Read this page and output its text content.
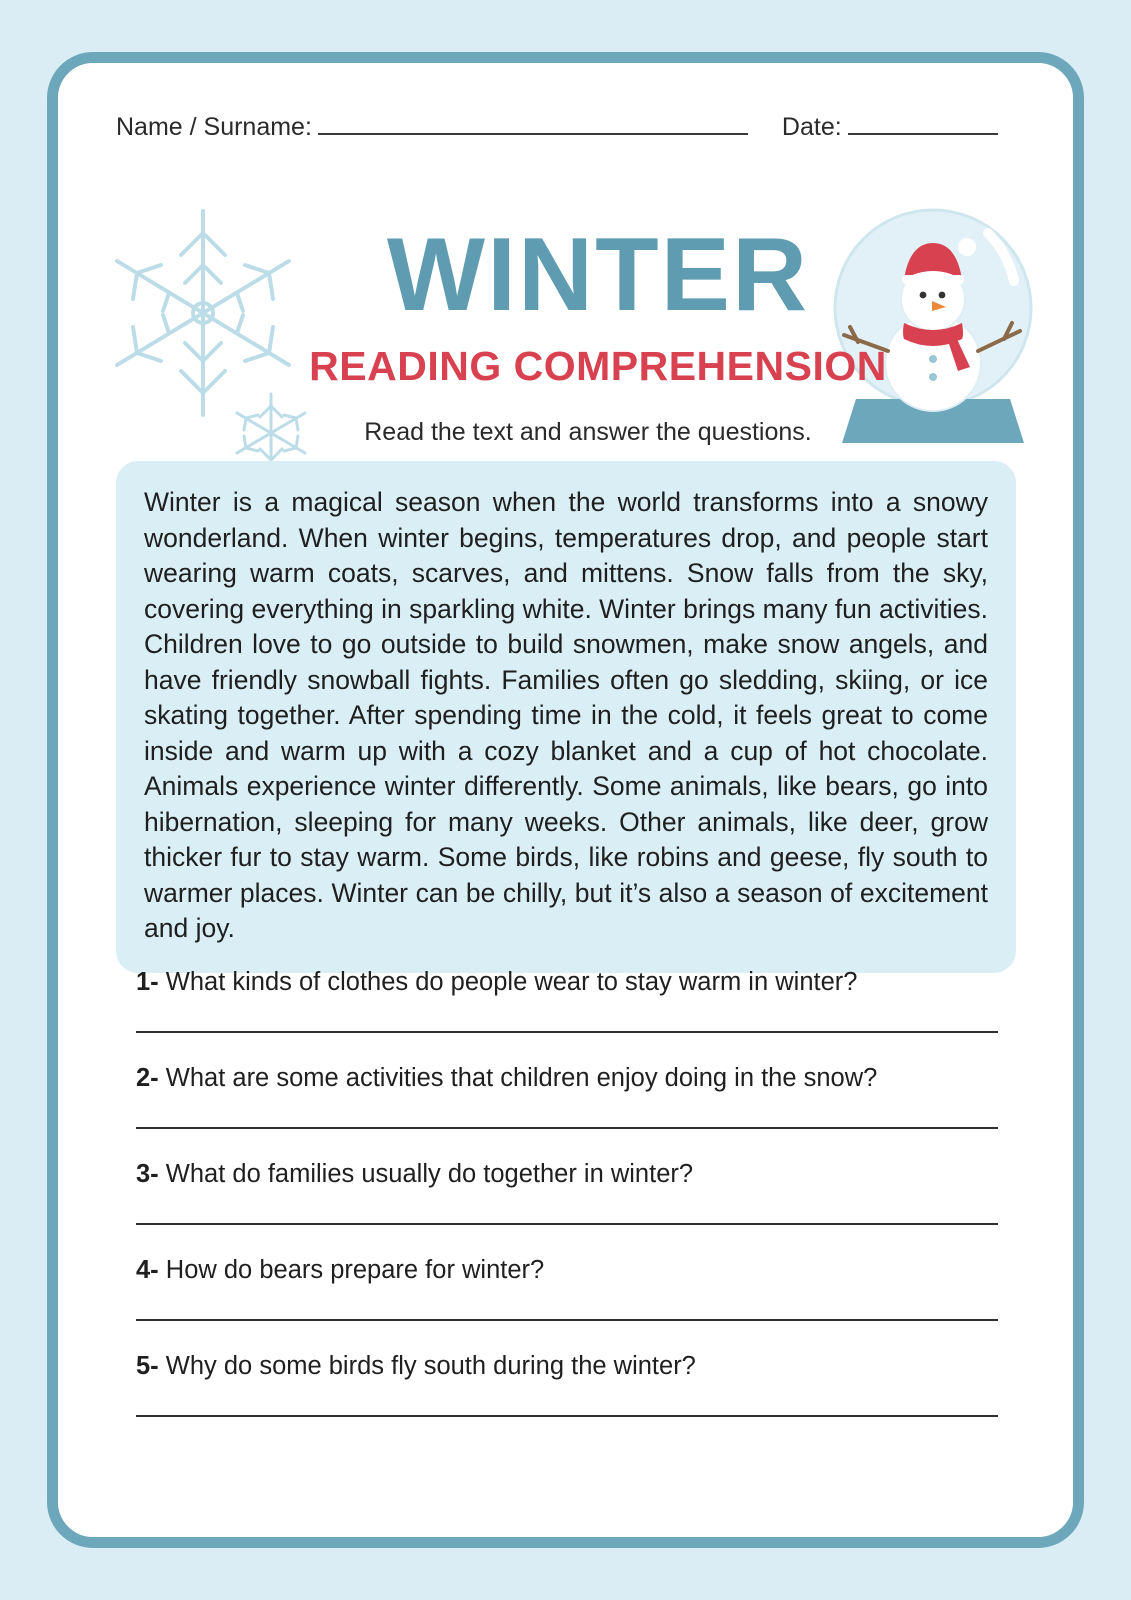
Name / Surname:	Date:
WINTER
READING COMPREHENSION
Read the text and answer the questions.
Winter is a magical season when the world transforms into a snowy wonderland. When winter begins, temperatures drop, and people start wearing warm coats, scarves, and mittens. Snow falls from the sky, covering everything in sparkling white. Winter brings many fun activities. Children love to go outside to build snowmen, make snow angels, and have friendly snowball fights. Families often go sledding, skiing, or ice skating together. After spending time in the cold, it feels great to come inside and warm up with a cozy blanket and a cup of hot chocolate. Animals experience winter differently. Some animals, like bears, go into hibernation, sleeping for many weeks. Other animals, like deer, grow thicker fur to stay warm. Some birds, like robins and geese, fly south to warmer places. Winter can be chilly, but it’s also a season of excitement and joy.

1- What kinds of clothes do people wear to stay warm in winter?

2- What are some activities that children enjoy doing in the snow?

3- What do families usually do together in winter?

4- How do bears prepare for winter?

5- Why do some birds fly south during the winter?
